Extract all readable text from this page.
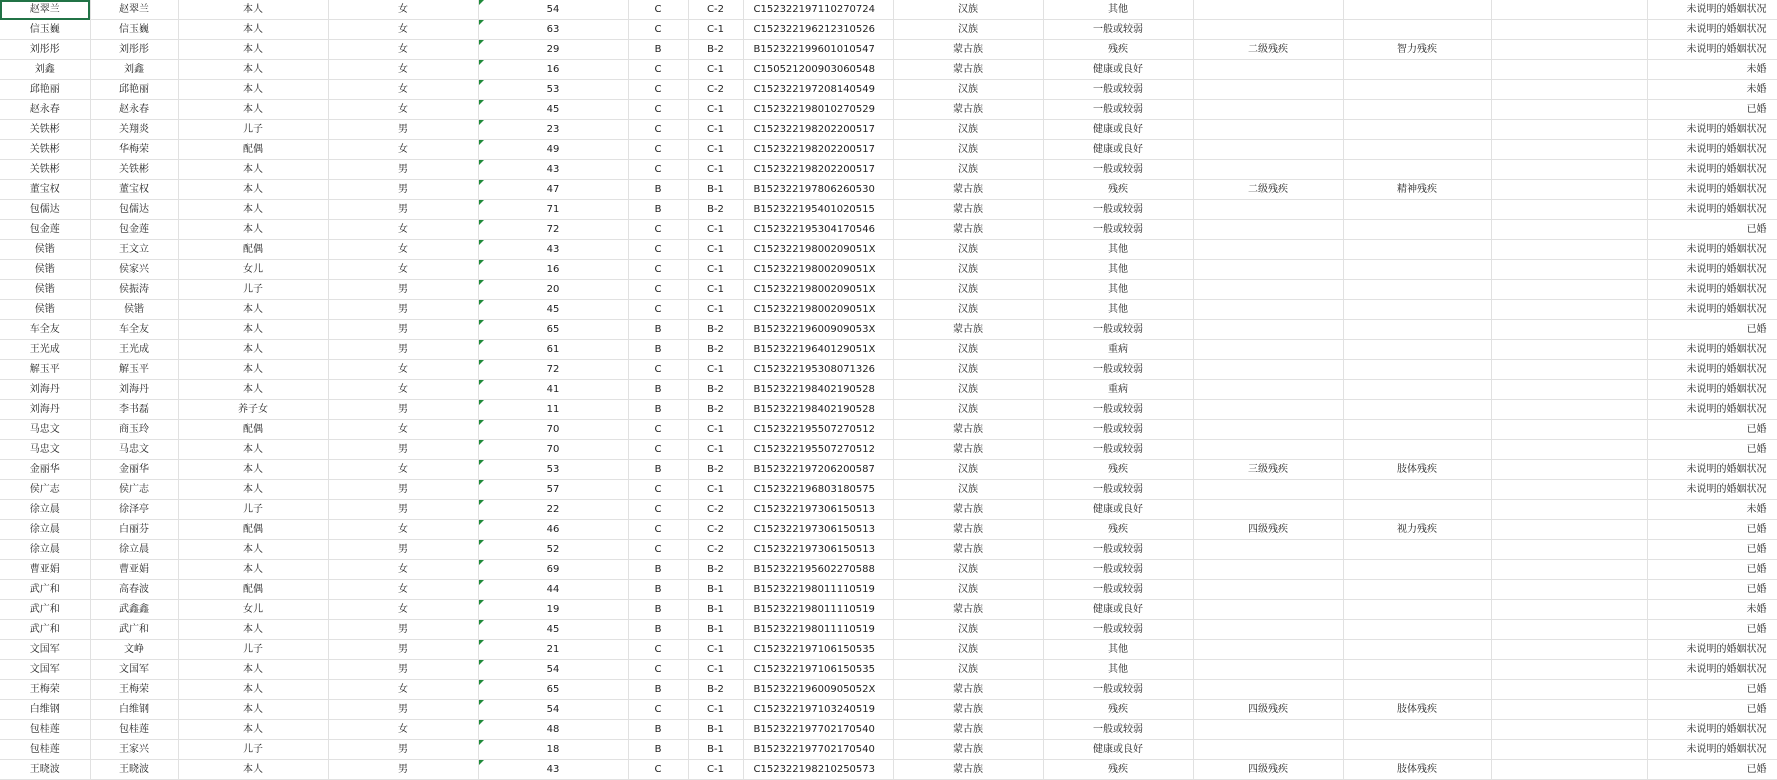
赵翠兰	赵翠兰	本人	女	54	C	C-2	C152322197110270724	汉族	其他				未说明的婚姻状况
信玉巍	信玉巍	本人	女	63	C	C-1	C152322196212310526	汉族	一般或较弱				未说明的婚姻状况
刘彤彤	刘彤彤	本人	女	29	B	B-2	B152322199601010547	蒙古族	残疾	二级残疾	智力残疾		未说明的婚姻状况
刘鑫	刘鑫	本人	女	16	C	C-1	C150521200903060548	蒙古族	健康或良好				未婚
邱艳丽	邱艳丽	本人	女	53	C	C-2	C152322197208140549	汉族	一般或较弱				未婚
赵永春	赵永春	本人	女	45	C	C-1	C152322198010270529	蒙古族	一般或较弱				已婚
关铁彬	关翔炎	儿子	男	23	C	C-1	C152322198202200517	汉族	健康或良好				未说明的婚姻状况
关铁彬	华梅荣	配偶	女	49	C	C-1	C152322198202200517	汉族	健康或良好				未说明的婚姻状况
关铁彬	关铁彬	本人	男	43	C	C-1	C152322198202200517	汉族	一般或较弱				未说明的婚姻状况
董宝权	董宝权	本人	男	47	B	B-1	B152322197806260530	蒙古族	残疾	二级残疾	精神残疾		未说明的婚姻状况
包儒达	包儒达	本人	男	71	B	B-2	B152322195401020515	蒙古族	一般或较弱				未说明的婚姻状况
包金莲	包金莲	本人	女	72	C	C-1	C152322195304170546	蒙古族	一般或较弱				已婚
侯锴	王文立	配偶	女	43	C	C-1	C15232219800209051X	汉族	其他				未说明的婚姻状况
侯锴	侯家兴	女儿	女	16	C	C-1	C15232219800209051X	汉族	其他				未说明的婚姻状况
侯锴	侯振涛	儿子	男	20	C	C-1	C15232219800209051X	汉族	其他				未说明的婚姻状况
侯锴	侯锴	本人	男	45	C	C-1	C15232219800209051X	汉族	其他				未说明的婚姻状况
车全友	车全友	本人	男	65	B	B-2	B15232219600909053X	蒙古族	一般或较弱				已婚
王光成	王光成	本人	男	61	B	B-2	B15232219640129051X	汉族	重病				未说明的婚姻状况
解玉平	解玉平	本人	女	72	C	C-1	C152322195308071326	汉族	一般或较弱				未说明的婚姻状况
刘海丹	刘海丹	本人	女	41	B	B-2	B152322198402190528	汉族	重病				未说明的婚姻状况
刘海丹	李书磊	养子女	男	11	B	B-2	B152322198402190528	汉族	一般或较弱				未说明的婚姻状况
马忠文	商玉玲	配偶	女	70	C	C-1	C152322195507270512	蒙古族	一般或较弱				已婚
马忠文	马忠文	本人	男	70	C	C-1	C152322195507270512	蒙古族	一般或较弱				已婚
金丽华	金丽华	本人	女	53	B	B-2	B152322197206200587	汉族	残疾	三级残疾	肢体残疾		未说明的婚姻状况
侯广志	侯广志	本人	男	57	C	C-1	C152322196803180575	汉族	一般或较弱				未说明的婚姻状况
徐立晨	徐泽亭	儿子	男	22	C	C-2	C152322197306150513	蒙古族	健康或良好				未婚
徐立晨	白丽芬	配偶	女	46	C	C-2	C152322197306150513	蒙古族	残疾	四级残疾	视力残疾		已婚
徐立晨	徐立晨	本人	男	52	C	C-2	C152322197306150513	蒙古族	一般或较弱				已婚
曹亚娟	曹亚娟	本人	女	69	B	B-2	B152322195602270588	汉族	一般或较弱				已婚
武广和	高春波	配偶	女	44	B	B-1	B152322198011110519	汉族	一般或较弱				已婚
武广和	武鑫鑫	女儿	女	19	B	B-1	B152322198011110519	蒙古族	健康或良好				未婚
武广和	武广和	本人	男	45	B	B-1	B152322198011110519	汉族	一般或较弱				已婚
文国军	文峥	儿子	男	21	C	C-1	C152322197106150535	汉族	其他				未说明的婚姻状况
文国军	文国军	本人	男	54	C	C-1	C152322197106150535	汉族	其他				未说明的婚姻状况
王梅荣	王梅荣	本人	女	65	B	B-2	B15232219600905052X	蒙古族	一般或较弱				已婚
白维钢	白维钢	本人	男	54	C	C-1	C152322197103240519	蒙古族	残疾	四级残疾	肢体残疾		已婚
包桂莲	包桂莲	本人	女	48	B	B-1	B152322197702170540	蒙古族	一般或较弱				未说明的婚姻状况
包桂莲	王家兴	儿子	男	18	B	B-1	B152322197702170540	蒙古族	健康或良好				未说明的婚姻状况
王晓波	王晓波	本人	男	43	C	C-1	C152322198210250573	蒙古族	残疾	四级残疾	肢体残疾		已婚
